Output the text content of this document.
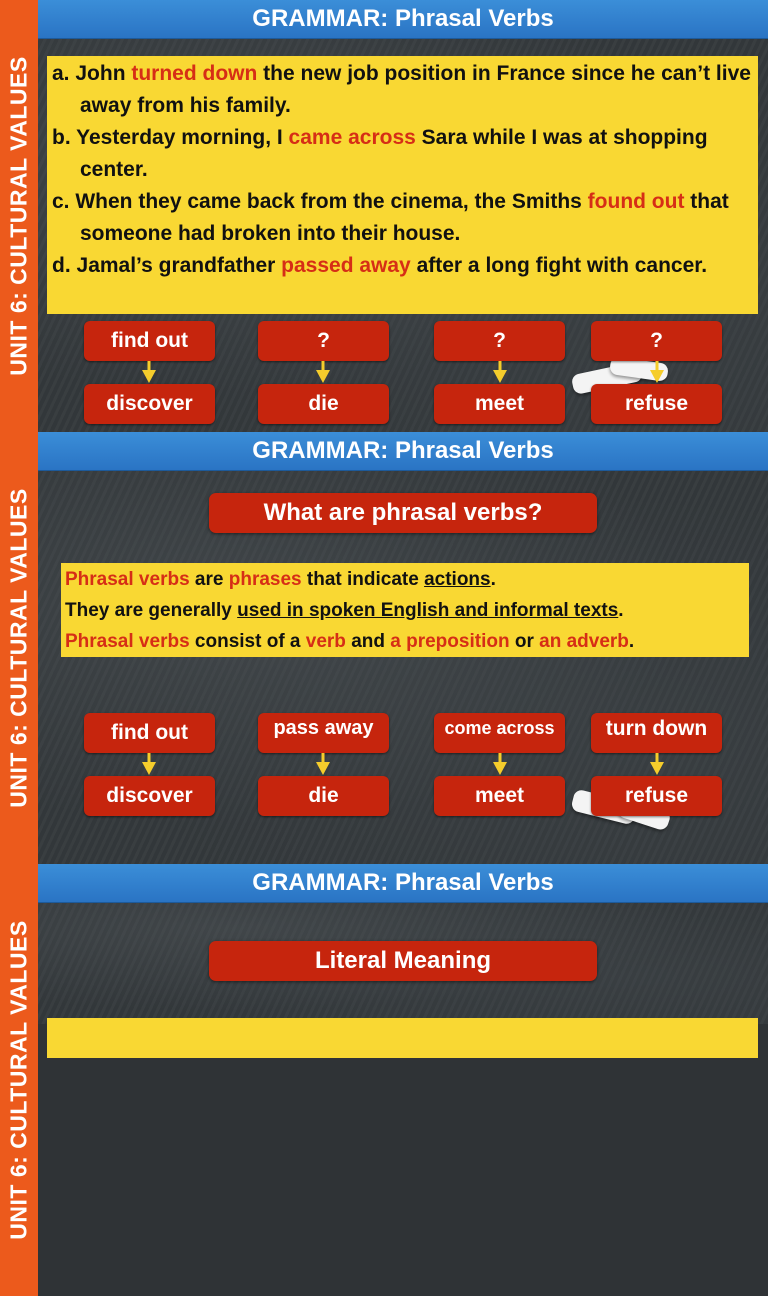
UNIT 6: CULTURAL VALUES
GRAMMAR: Phrasal Verbs
a. John turned down the new job position in France since he can’t live away from his family.
b. Yesterday morning, I came across Sara while I was at shopping center.
c. When they came back from the cinema, the Smiths found out that someone had broken into their house.
d. Jamal’s grandfather passed away after a long fight with cancer.
find out	?	?	?
discover	die	meet	refuse
UNIT 6: CULTURAL VALUES
GRAMMAR: Phrasal Verbs
What are phrasal verbs?
Phrasal verbs are phrases that indicate actions.
They are generally used in spoken English and informal texts.
Phrasal verbs consist of a verb and a preposition or an adverb.
find out	pass away	come across	turn down
discover	die	meet	refuse
UNIT 6: CULTURAL VALUES
GRAMMAR: Phrasal Verbs
Literal Meaning
